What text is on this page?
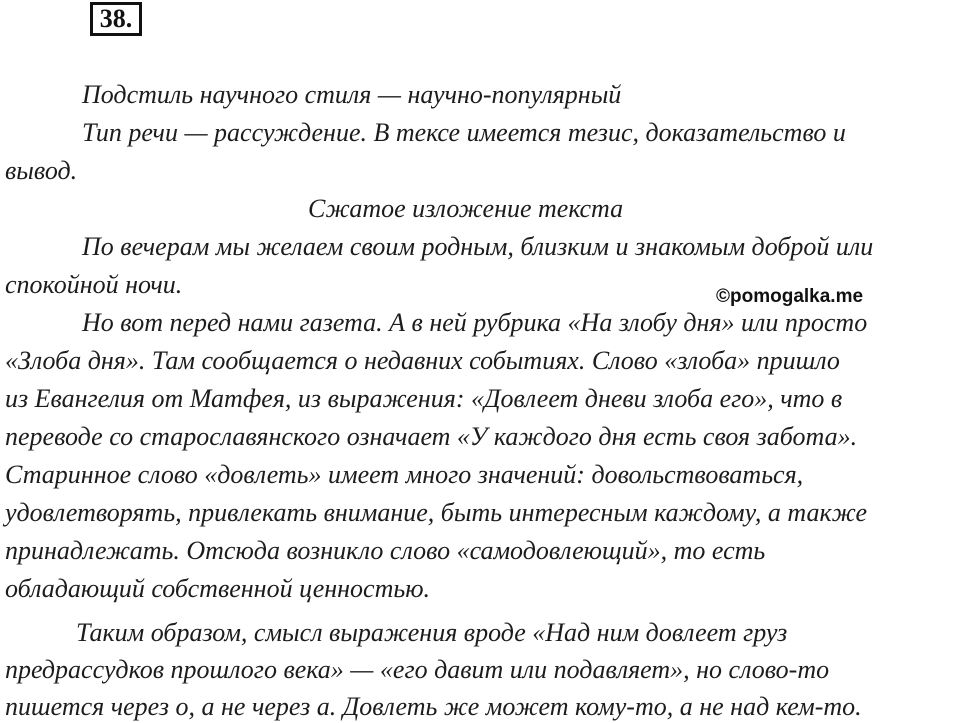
38.
Подстиль научного стиля — научно-популярный
Тип речи — рассуждение. В тексе имеется тезис, доказательство и
вывод.
Сжатое изложение текста
По вечерам мы желаем своим родным, близким и знакомым доброй или
спокойной ночи.	©pomogalka.me
Но вот перед нами газета. А в ней рубрика «На злобу дня» или просто
«Злоба дня». Там сообщается о недавних событиях. Слово «злоба» пришло
из Евангелия от Матфея, из выражения: «Довлеет дневи злоба его», что в
переводе со старославянского означает «У каждого дня есть своя забота».
Старинное слово «довлеть» имеет много значений: довольствоваться,
удовлетворять, привлекать внимание, быть интересным каждому, а также
принадлежать. Отсюда возникло слово «самодовлеющий», то есть
обладающий собственной ценностью.
Таким образом, смысл выражения вроде «Над ним довлеет груз
предрассудков прошлого века» — «его давит или подавляет», но слово-то
пишется через о, а не через а. Довлеть же может кому-то, а не над кем-то.
